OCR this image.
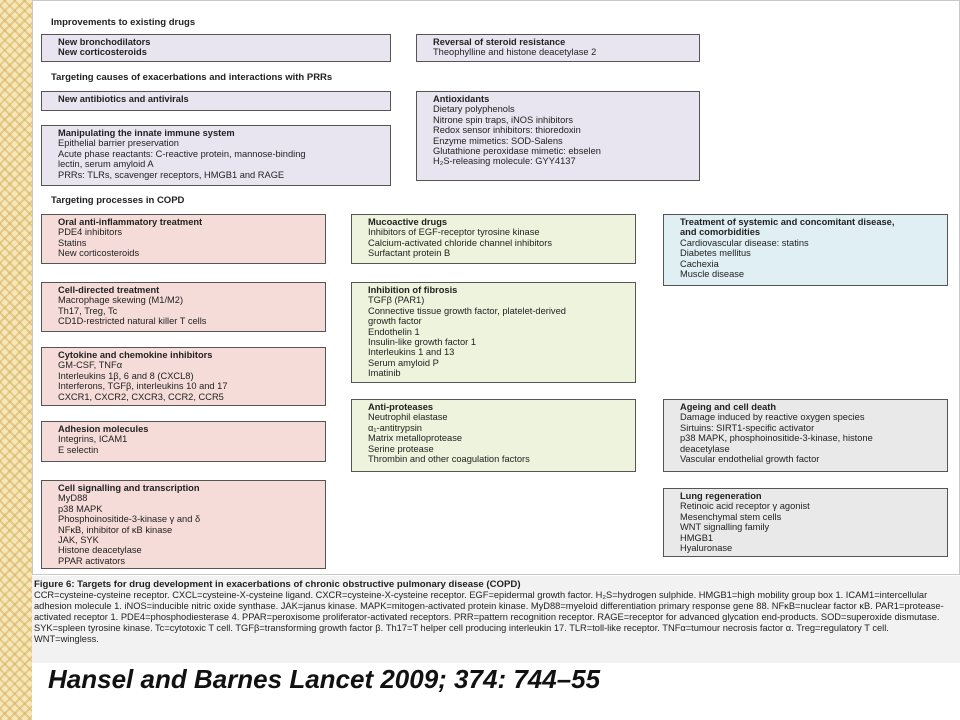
Improvements to existing drugs
New bronchodilators
New corticosteroids
Reversal of steroid resistance
Theophylline and histone deacetylase 2
Targeting causes of exacerbations and interactions with PRRs
New antibiotics and antivirals	Antioxidants
Dietary polyphenols
Nitrone spin traps, iNOS inhibitors
Redox sensor inhibitors: thioredoxin
Enzyme mimetics: SOD-Salens
Glutathione peroxidase mimetic: ebselen
H₂S-releasing molecule: GYY4137
Manipulating the innate immune system
Epithelial barrier preservation
Acute phase reactants: C-reactive protein, mannose-binding
lectin, serum amyloid A
PRRs: TLRs, scavenger receptors, HMGB1 and RAGE
Targeting processes in COPD
Oral anti-inflammatory treatment
PDE4 inhibitors
Statins
New corticosteroids
Mucoactive drugs
Inhibitors of EGF-receptor tyrosine kinase
Calcium-activated chloride channel inhibitors
Surfactant protein B
Treatment of systemic and concomitant disease, and comorbidities
Cardiovascular disease: statins
Diabetes mellitus
Cachexia
Muscle disease
Cell-directed treatment
Macrophage skewing (M1/M2)
Th17, Treg, Tc
CD1D-restricted natural killer T cells
Inhibition of fibrosis
TGFβ (PAR1)
Connective tissue growth factor, platelet-derived
growth factor
Endothelin 1
Insulin-like growth factor 1
Interleukins 1 and 13
Serum amyloid P
Imatinib
Cytokine and chemokine inhibitors
GM-CSF, TNFα
Interleukins 1β, 6 and 8 (CXCL8)
Interferons, TGFβ, interleukins 10 and 17
CXCR1, CXCR2, CXCR3, CCR2, CCR5
Anti-proteases
Neutrophil elastase
α₁-antitrypsin
Matrix metalloprotease
Serine protease
Thrombin and other coagulation factors
Ageing and cell death
Damage induced by reactive oxygen species
Sirtuins: SIRT1-specific activator
p38 MAPK, phosphoinositide-3-kinase, histone
deacetylase
Vascular endothelial growth factor
Adhesion molecules
Integrins, ICAM1
E selectin
Cell signalling and transcription
MyD88
p38 MAPK
Phosphoinositide-3-kinase γ and δ
NFκB, inhibitor of κB kinase
JAK, SYK
Histone deacetylase
PPAR activators
Lung regeneration
Retinoic acid receptor γ agonist
Mesenchymal stem cells
WNT signalling family
HMGB1
Hyaluronase
Figure 6: Targets for drug development in exacerbations of chronic obstructive pulmonary disease (COPD)
CCR=cysteine-cysteine receptor. CXCL=cysteine-X-cysteine ligand. CXCR=cysteine-X-cysteine receptor. EGF=epidermal growth factor. H₂S=hydrogen sulphide. HMGB1=high mobility group box 1. ICAM1=intercellular adhesion molecule 1. iNOS=inducible nitric oxide synthase. JAK=janus kinase. MAPK=mitogen-activated protein kinase. MyD88=myeloid differentiation primary response gene 88. NFκB=nuclear factor κB. PAR1=protease-activated receptor 1. PDE4=phosphodiesterase 4. PPAR=peroxisome proliferator-activated receptors. PRR=pattern recognition receptor. RAGE=receptor for advanced glycation end-products. SOD=superoxide dismutase. SYK=spleen tyrosine kinase. Tc=cytotoxic T cell. TGFβ=transforming growth factor β. Th17=T helper cell producing interleukin 17. TLR=toll-like receptor. TNFα=tumour necrosis factor α. Treg=regulatory T cell. WNT=wingless.
Hansel and Barnes Lancet 2009; 374: 744–55
